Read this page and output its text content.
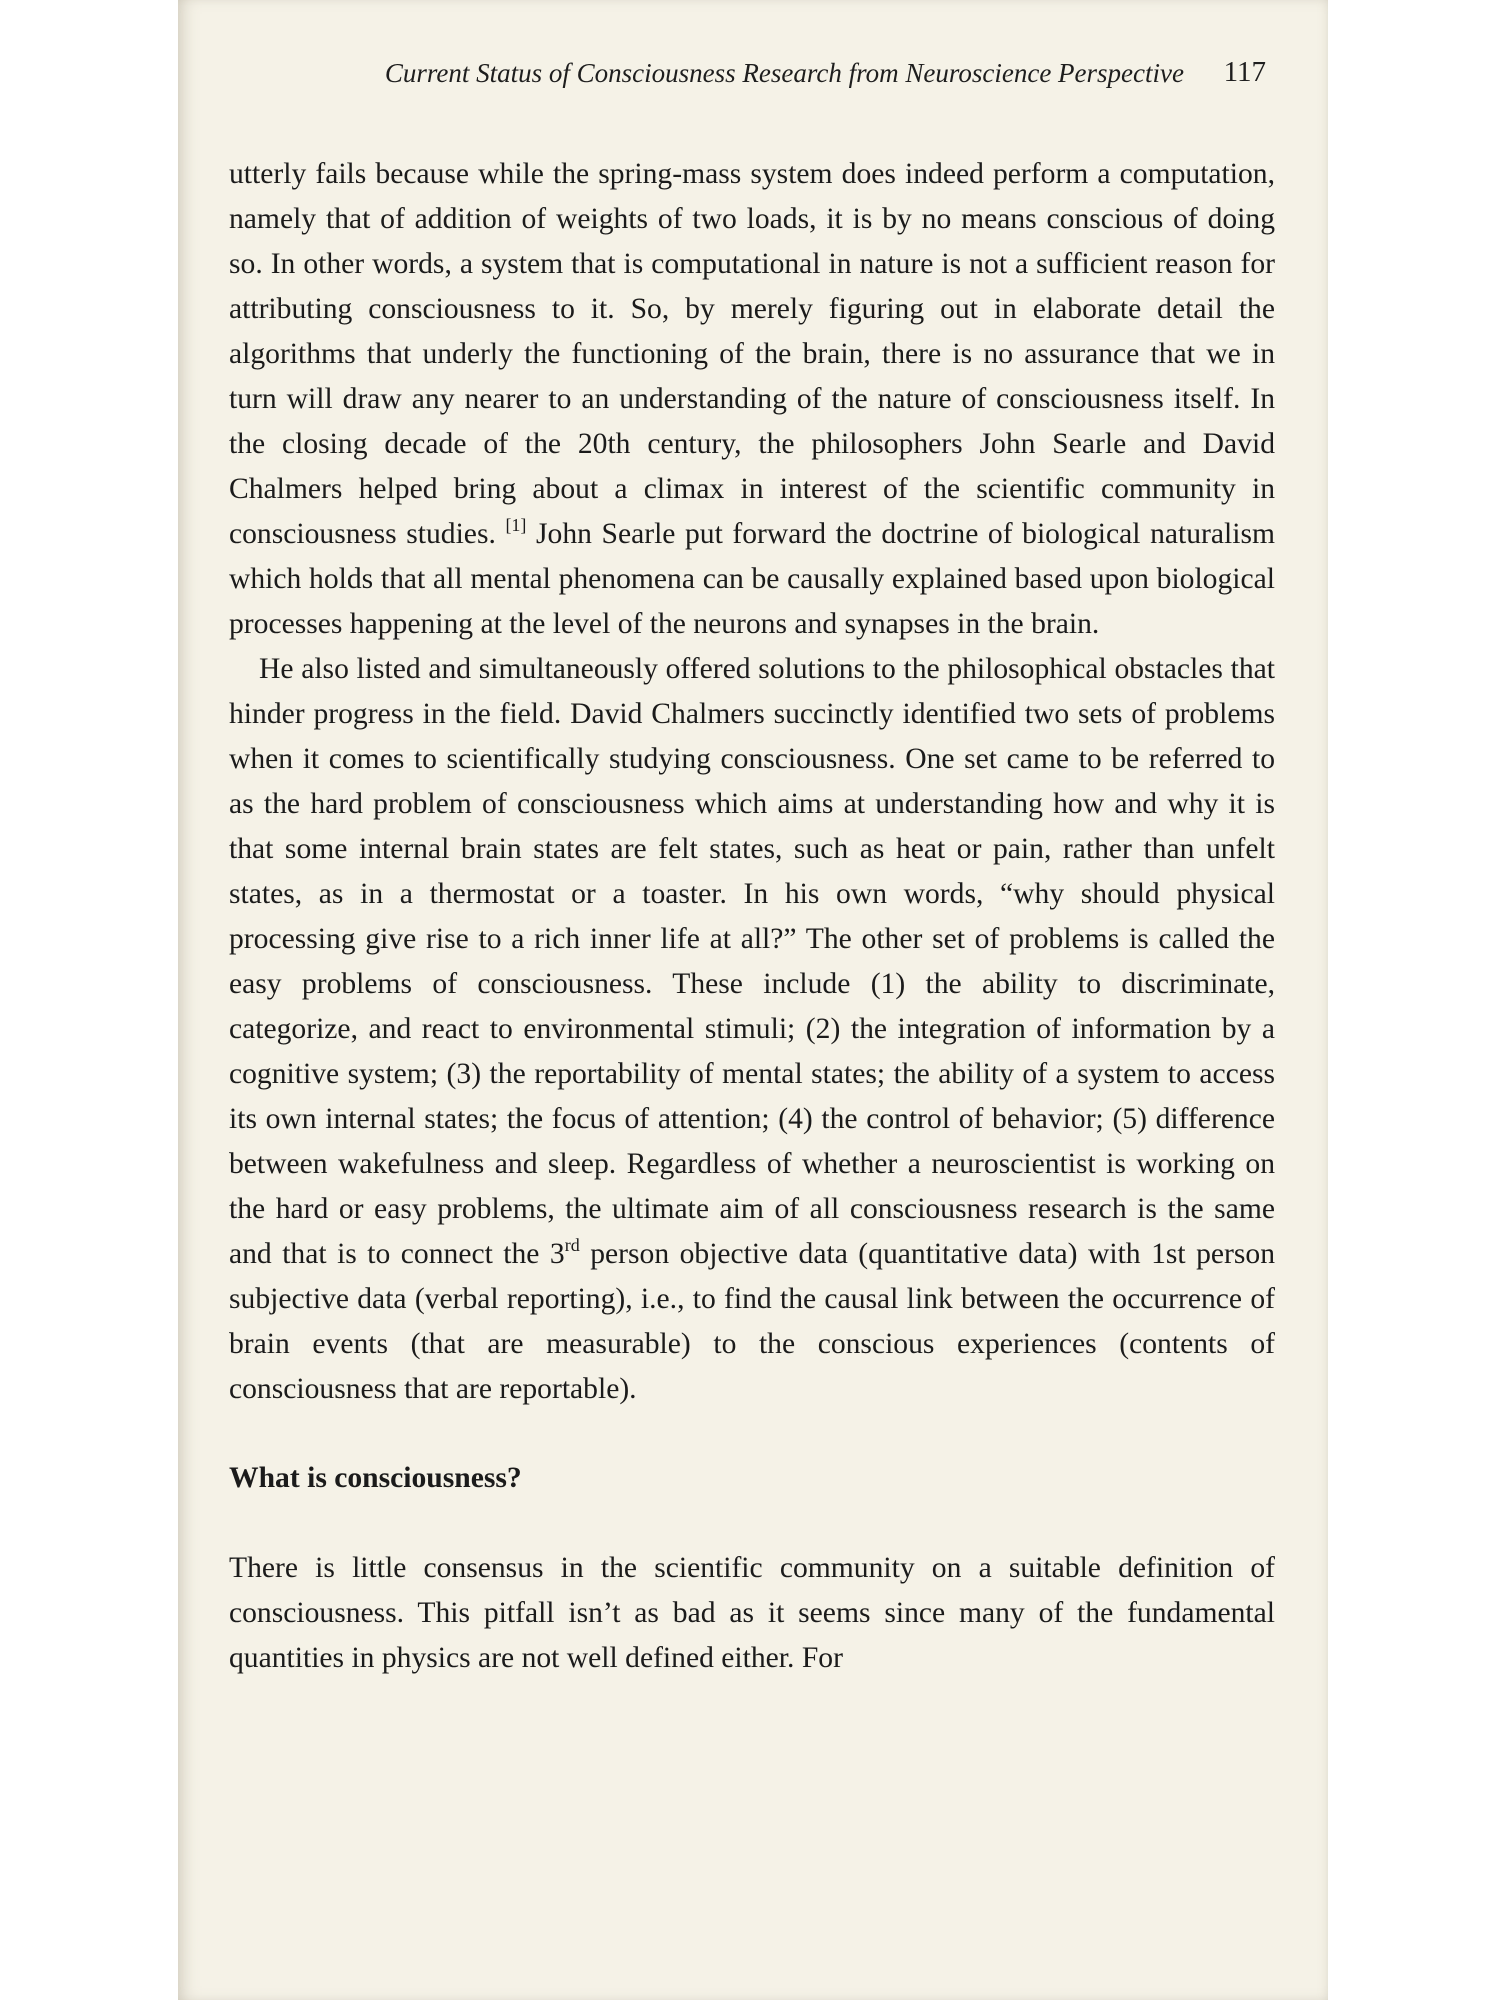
Current Status of Consciousness Research from Neuroscience Perspective 117

utterly fails because while the spring-mass system does indeed perform a computation, namely that of addition of weights of two loads, it is by no means conscious of doing so. In other words, a system that is computational in nature is not a sufficient reason for attributing consciousness to it. So, by merely figuring out in elaborate detail the algorithms that underly the functioning of the brain, there is no assurance that we in turn will draw any nearer to an understanding of the nature of consciousness itself. In the closing decade of the 20th century, the philosophers John Searle and David Chalmers helped bring about a climax in interest of the scientific community in consciousness studies. [1] John Searle put forward the doctrine of biological naturalism which holds that all mental phenomena can be causally explained based upon biological processes happening at the level of the neurons and synapses in the brain.

He also listed and simultaneously offered solutions to the philosophical obstacles that hinder progress in the field. David Chalmers succinctly identified two sets of problems when it comes to scientifically studying consciousness. One set came to be referred to as the hard problem of consciousness which aims at understanding how and why it is that some internal brain states are felt states, such as heat or pain, rather than unfelt states, as in a thermostat or a toaster. In his own words, “why should physical processing give rise to a rich inner life at all?” The other set of problems is called the easy problems of consciousness. These include (1) the ability to discriminate, categorize, and react to environmental stimuli; (2) the integration of information by a cognitive system; (3) the reportability of mental states; the ability of a system to access its own internal states; the focus of attention; (4) the control of behavior; (5) difference between wakefulness and sleep. Regardless of whether a neuroscientist is working on the hard or easy problems, the ultimate aim of all consciousness research is the same and that is to connect the 3rd person objective data (quantitative data) with 1st person subjective data (verbal reporting), i.e., to find the causal link between the occurrence of brain events (that are measurable) to the conscious experiences (contents of consciousness that are reportable).

What is consciousness?

There is little consensus in the scientific community on a suitable definition of consciousness. This pitfall isn’t as bad as it seems since many of the fundamental quantities in physics are not well defined either. For
